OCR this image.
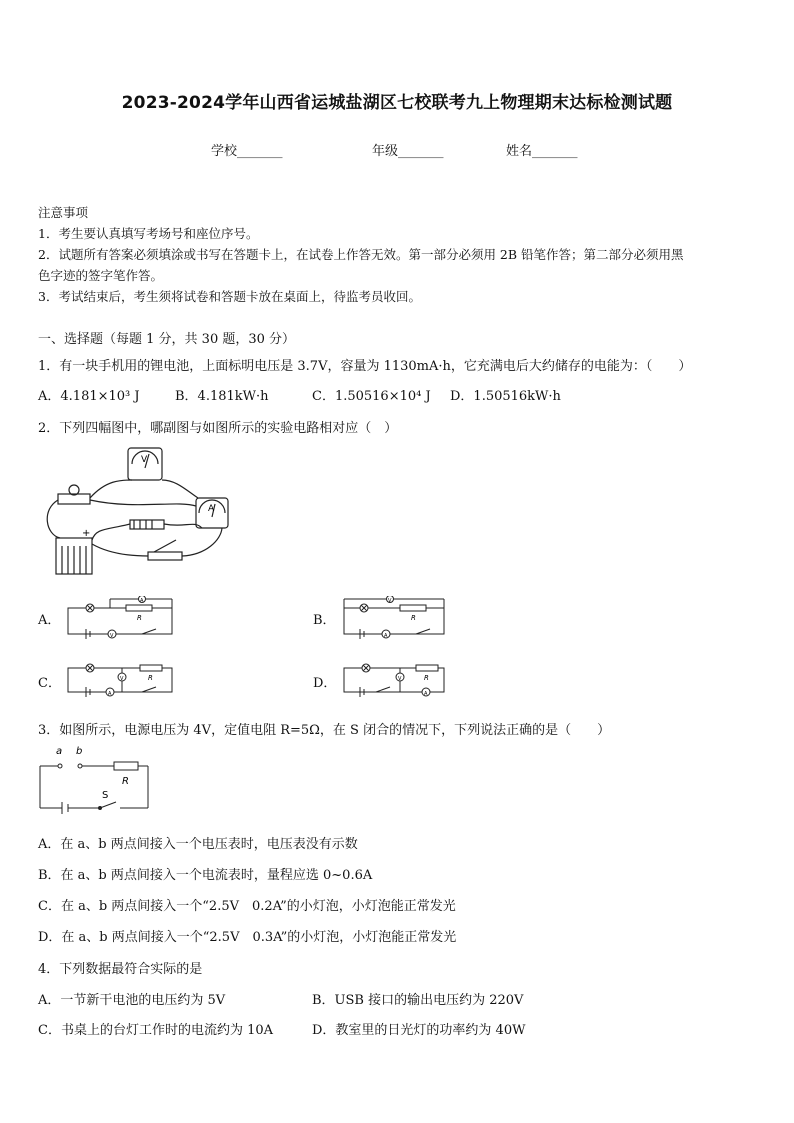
2023-2024学年山西省运城盐湖区七校联考九上物理期末达标检测试题
学校_______	年级_______	姓名_______
注意事项
1．考生要认真填写考场号和座位序号。
2．试题所有答案必须填涂或书写在答题卡上，在试卷上作答无效。第一部分必须用 2B 铅笔作答；第二部分必须用黑
色字迹的签字笔作答。
3．考试结束后，考生须将试卷和答题卡放在桌面上，待监考员收回。
一、选择题（每题 1 分，共 30 题，30 分）
1．有一块手机用的锂电池，上面标明电压是 3.7V，容量为 1130mA·h，它充满电后大约储存的电能为：（　　）
A．4.181×10³ J	B．4.181kW·h	C．1.50516×10⁴ J D．1.50516kW·h
2．下列四幅图中，哪副图与如图所示的实验电路相对应（　）
V
A
+
A．	B．
C．	D．
A
R
V
V
R
A
V	R
A
V	R
A
3．如图所示，电源电压为 4V，定值电阻 R=5Ω，在 S 闭合的情况下，下列说法正确的是（　　）
a b
R
S
A．在 a、b 两点间接入一个电压表时，电压表没有示数
B．在 a、b 两点间接入一个电流表时，量程应选 0~0.6A
C．在 a、b 两点间接入一个“2.5V　0.2A”的小灯泡，小灯泡能正常发光
D．在 a、b 两点间接入一个“2.5V　0.3A”的小灯泡，小灯泡能正常发光
4．下列数据最符合实际的是
A．一节新干电池的电压约为 5V	B．USB 接口的输出电压约为 220V
C．书桌上的台灯工作时的电流约为 10A	D．教室里的日光灯的功率约为 40W
